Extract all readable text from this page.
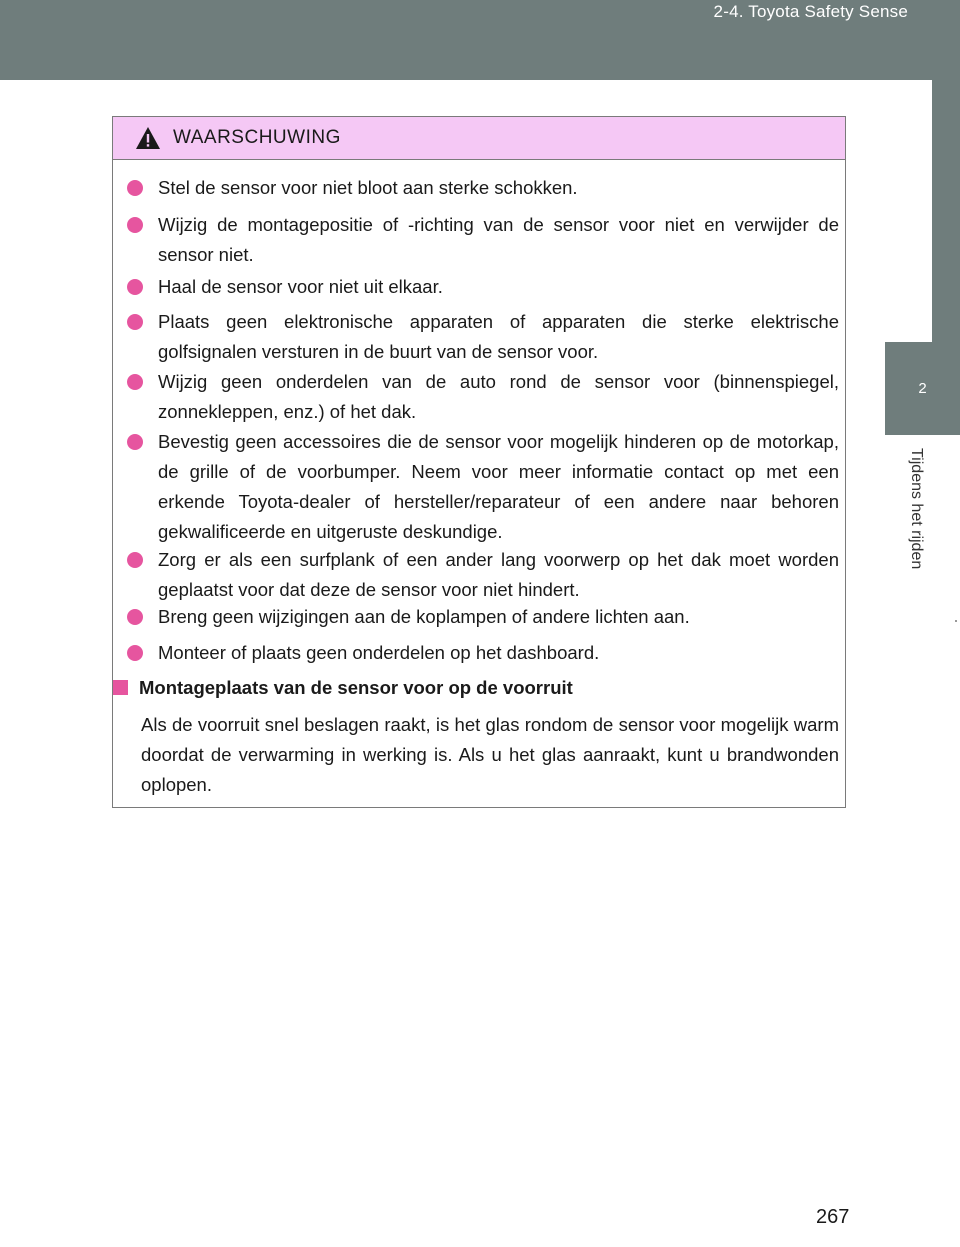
2-4. Toyota Safety Sense
2
Tijdens het rijden
WAARSCHUWING
Stel de sensor voor niet bloot aan sterke schokken.
Wijzig de montagepositie of -richting van de sensor voor niet en verwijder de sensor niet.
Haal de sensor voor niet uit elkaar.
Plaats geen elektronische apparaten of apparaten die sterke elektrische golfsignalen versturen in de buurt van de sensor voor.
Wijzig geen onderdelen van de auto rond de sensor voor (binnenspiegel, zonnekleppen, enz.) of het dak.
Bevestig geen accessoires die de sensor voor mogelijk hinderen op de motorkap, de grille of de voorbumper. Neem voor meer informatie contact op met een erkende Toyota-dealer of hersteller/reparateur of een andere naar behoren gekwalificeerde en uitgeruste deskundige.
Zorg er als een surfplank of een ander lang voorwerp op het dak moet worden geplaatst voor dat deze de sensor voor niet hindert.
Breng geen wijzigingen aan de koplampen of andere lichten aan.
Monteer of plaats geen onderdelen op het dashboard.
Montageplaats van de sensor voor op de voorruit
Als de voorruit snel beslagen raakt, is het glas rondom de sensor voor mogelijk warm doordat de verwarming in werking is. Als u het glas aanraakt, kunt u brandwonden oplopen.
267
